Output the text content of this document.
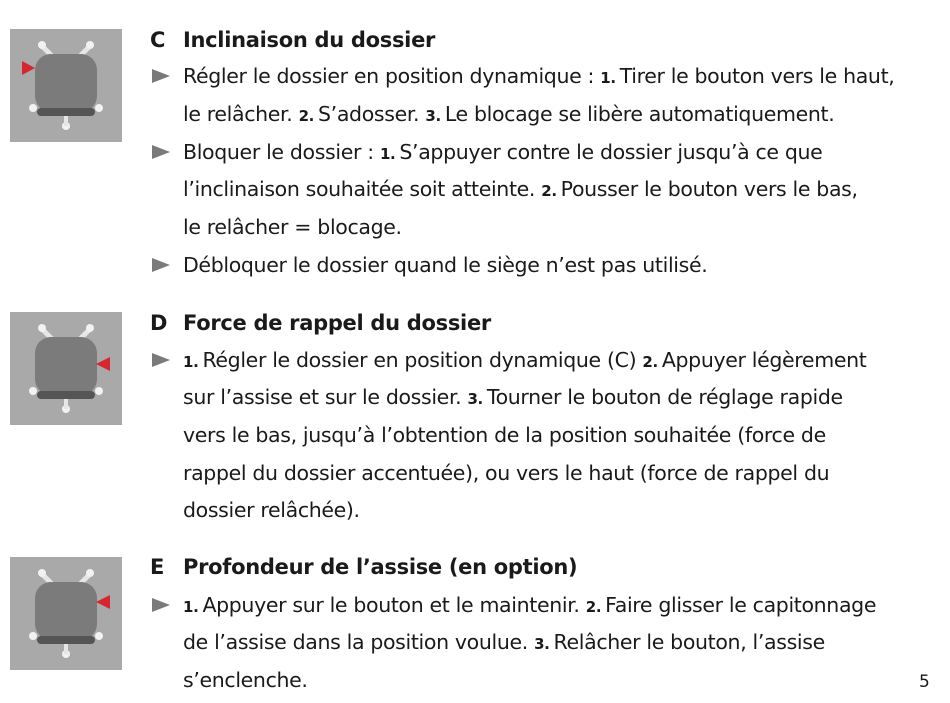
C Inclinaison du dossier
Régler le dossier en position dynamique : 1. Tirer le bouton vers le haut,
le relâcher. 2. S’adosser. 3. Le blocage se libère automatiquement.
Bloquer le dossier : 1. S’appuyer contre le dossier jusqu’à ce que
l’inclinaison souhaitée soit atteinte. 2. Pousser le bouton vers le bas,
le relâcher = blocage.
Débloquer le dossier quand le siège n’est pas utilisé.
D Force de rappel du dossier
1. Régler le dossier en position dynamique (C) 2. Appuyer légèrement
sur l’assise et sur le dossier. 3. Tourner le bouton de réglage rapide
vers le bas, jusqu’à l’obtention de la position souhaitée (force de
rappel du dossier accentuée), ou vers le haut (force de rappel du
dossier relâchée).
E Profondeur de l’assise (en option)
1. Appuyer sur le bouton et le maintenir. 2. Faire glisser le capitonnage
de l’assise dans la position voulue. 3. Relâcher le bouton, l’assise
s’enclenche.	5
